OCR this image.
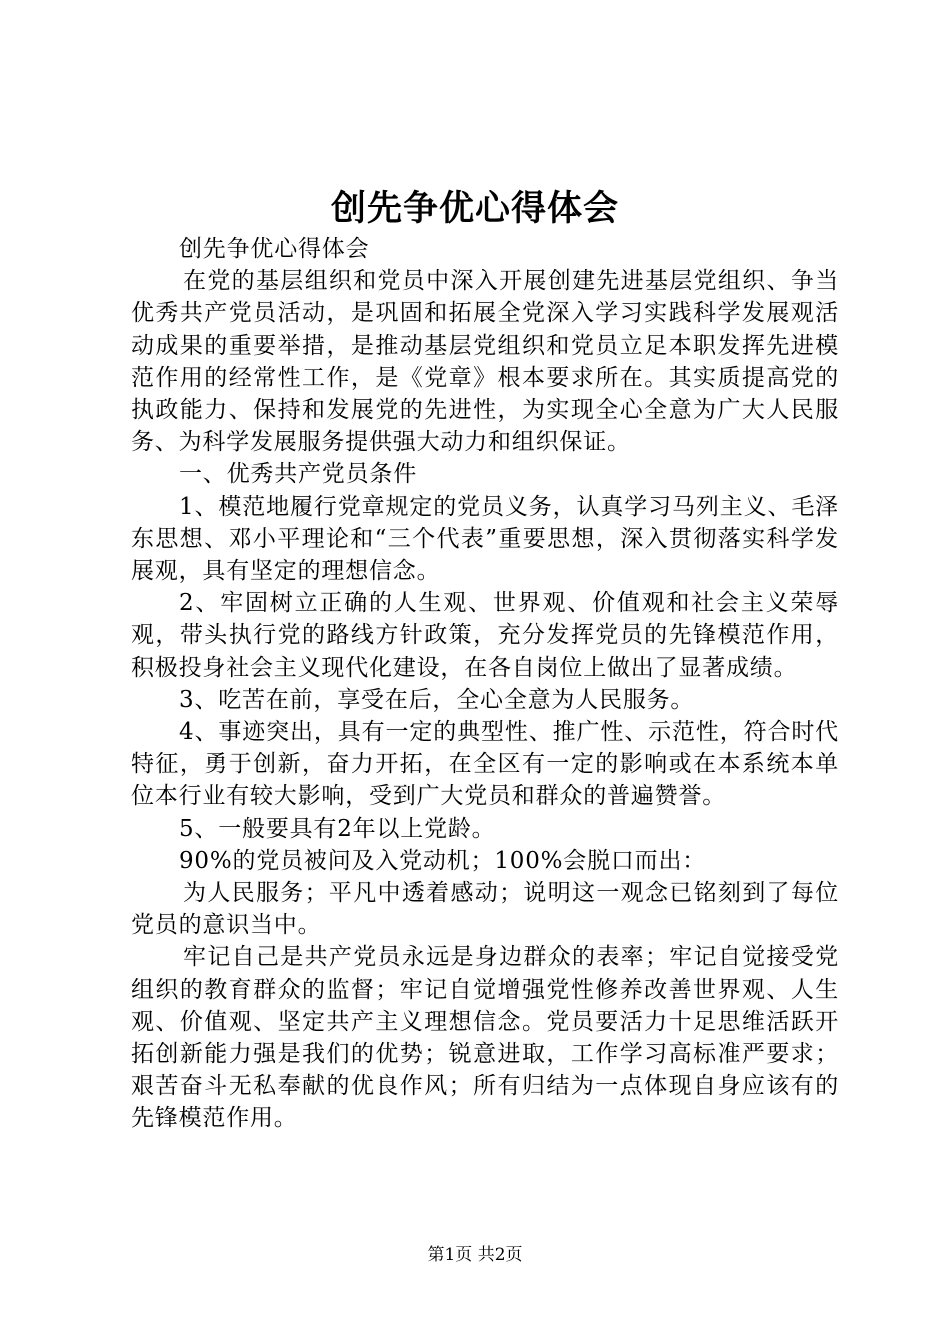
创先争优心得体会

创先争优心得体会

在党的基层组织和党员中深入开展创建先进基层党组织、争当优秀共产党员活动，是巩固和拓展全党深入学习实践科学发展观活动成果的重要举措，是推动基层党组织和党员立足本职发挥先进模范作用的经常性工作，是《党章》根本要求所在。其实质提高党的执政能力、保持和发展党的先进性，为实现全心全意为广大人民服务、为科学发展服务提供强大动力和组织保证。

一、优秀共产党员条件

1、模范地履行党章规定的党员义务，认真学习马列主义、毛泽东思想、邓小平理论和“三个代表”重要思想，深入贯彻落实科学发展观，具有坚定的理想信念。

2、牢固树立正确的人生观、世界观、价值观和社会主义荣辱观，带头执行党的路线方针政策，充分发挥党员的先锋模范作用，积极投身社会主义现代化建设，在各自岗位上做出了显著成绩。

3、吃苦在前，享受在后，全心全意为人民服务。

4、事迹突出，具有一定的典型性、推广性、示范性，符合时代特征，勇于创新，奋力开拓，在全区有一定的影响或在本系统本单位本行业有较大影响，受到广大党员和群众的普遍赞誉。

5、一般要具有2年以上党龄。

90%的党员被问及入党动机；100%会脱口而出：

为人民服务；平凡中透着感动；说明这一观念已铭刻到了每位党员的意识当中。

牢记自己是共产党员永远是身边群众的表率；牢记自觉接受党组织的教育群众的监督；牢记自觉增强党性修养改善世界观、人生观、价值观、坚定共产主义理想信念。党员要活力十足思维活跃开拓创新能力强是我们的优势；锐意进取，工作学习高标准严要求；艰苦奋斗无私奉献的优良作风；所有归结为一点体现自身应该有的先锋模范作用。

第1页 共2页
